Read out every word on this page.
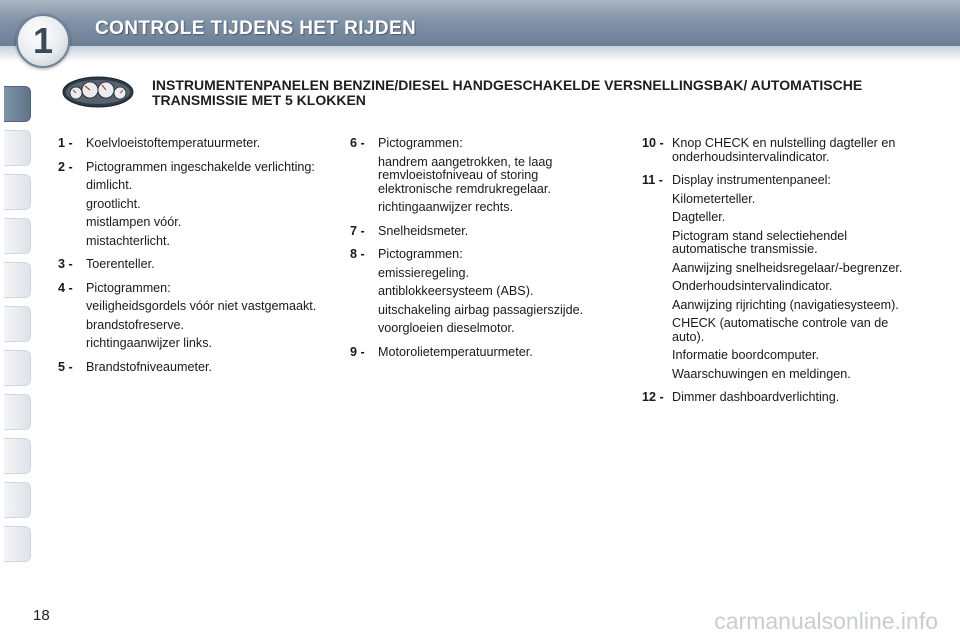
1	CONTROLE TIJDENS HET RIJDEN
INSTRUMENTENPANELEN BENZINE/DIESEL HANDGESCHAKELDE VERSNELLINGSBAK/ AUTOMATISCHE TRANSMISSIE MET 5 KLOKKEN
1 - Koelvloeistoftemperatuurmeter.
2 - Pictogrammen ingeschakelde verlichting:
dimlicht.
grootlicht.
mistlampen vóór.
mistachterlicht.
3 - Toerenteller.
4 - Pictogrammen:
veiligheidsgordels vóór niet vastgemaakt.
brandstofreserve.
richtingaanwijzer links.
5 - Brandstofniveaumeter.
6 - Pictogrammen:
handrem aangetrokken, te laag remvloeistofniveau of storing elektronische remdrukregelaar.
richtingaanwijzer rechts.
7 - Snelheidsmeter.
8 - Pictogrammen:
emissieregeling.
antiblokkeersysteem (ABS).
uitschakeling airbag passagierszijde.
voorgloeien dieselmotor.
9 - Motorolietemperatuurmeter.
10 - Knop CHECK en nulstelling dagteller en onderhoudsintervalindicator.
11 - Display instrumentenpaneel:
Kilometerteller.
Dagteller.
Pictogram stand selectiehendel automatische transmissie.
Aanwijzing snelheidsregelaar/-begrenzer.
Onderhoudsintervalindicator.
Aanwijzing rijrichting (navigatiesysteem).
CHECK (automatische controle van de auto).
Informatie boordcomputer.
Waarschuwingen en meldingen.
12 - Dimmer dashboardverlichting.
18	carmanualsonline.info
